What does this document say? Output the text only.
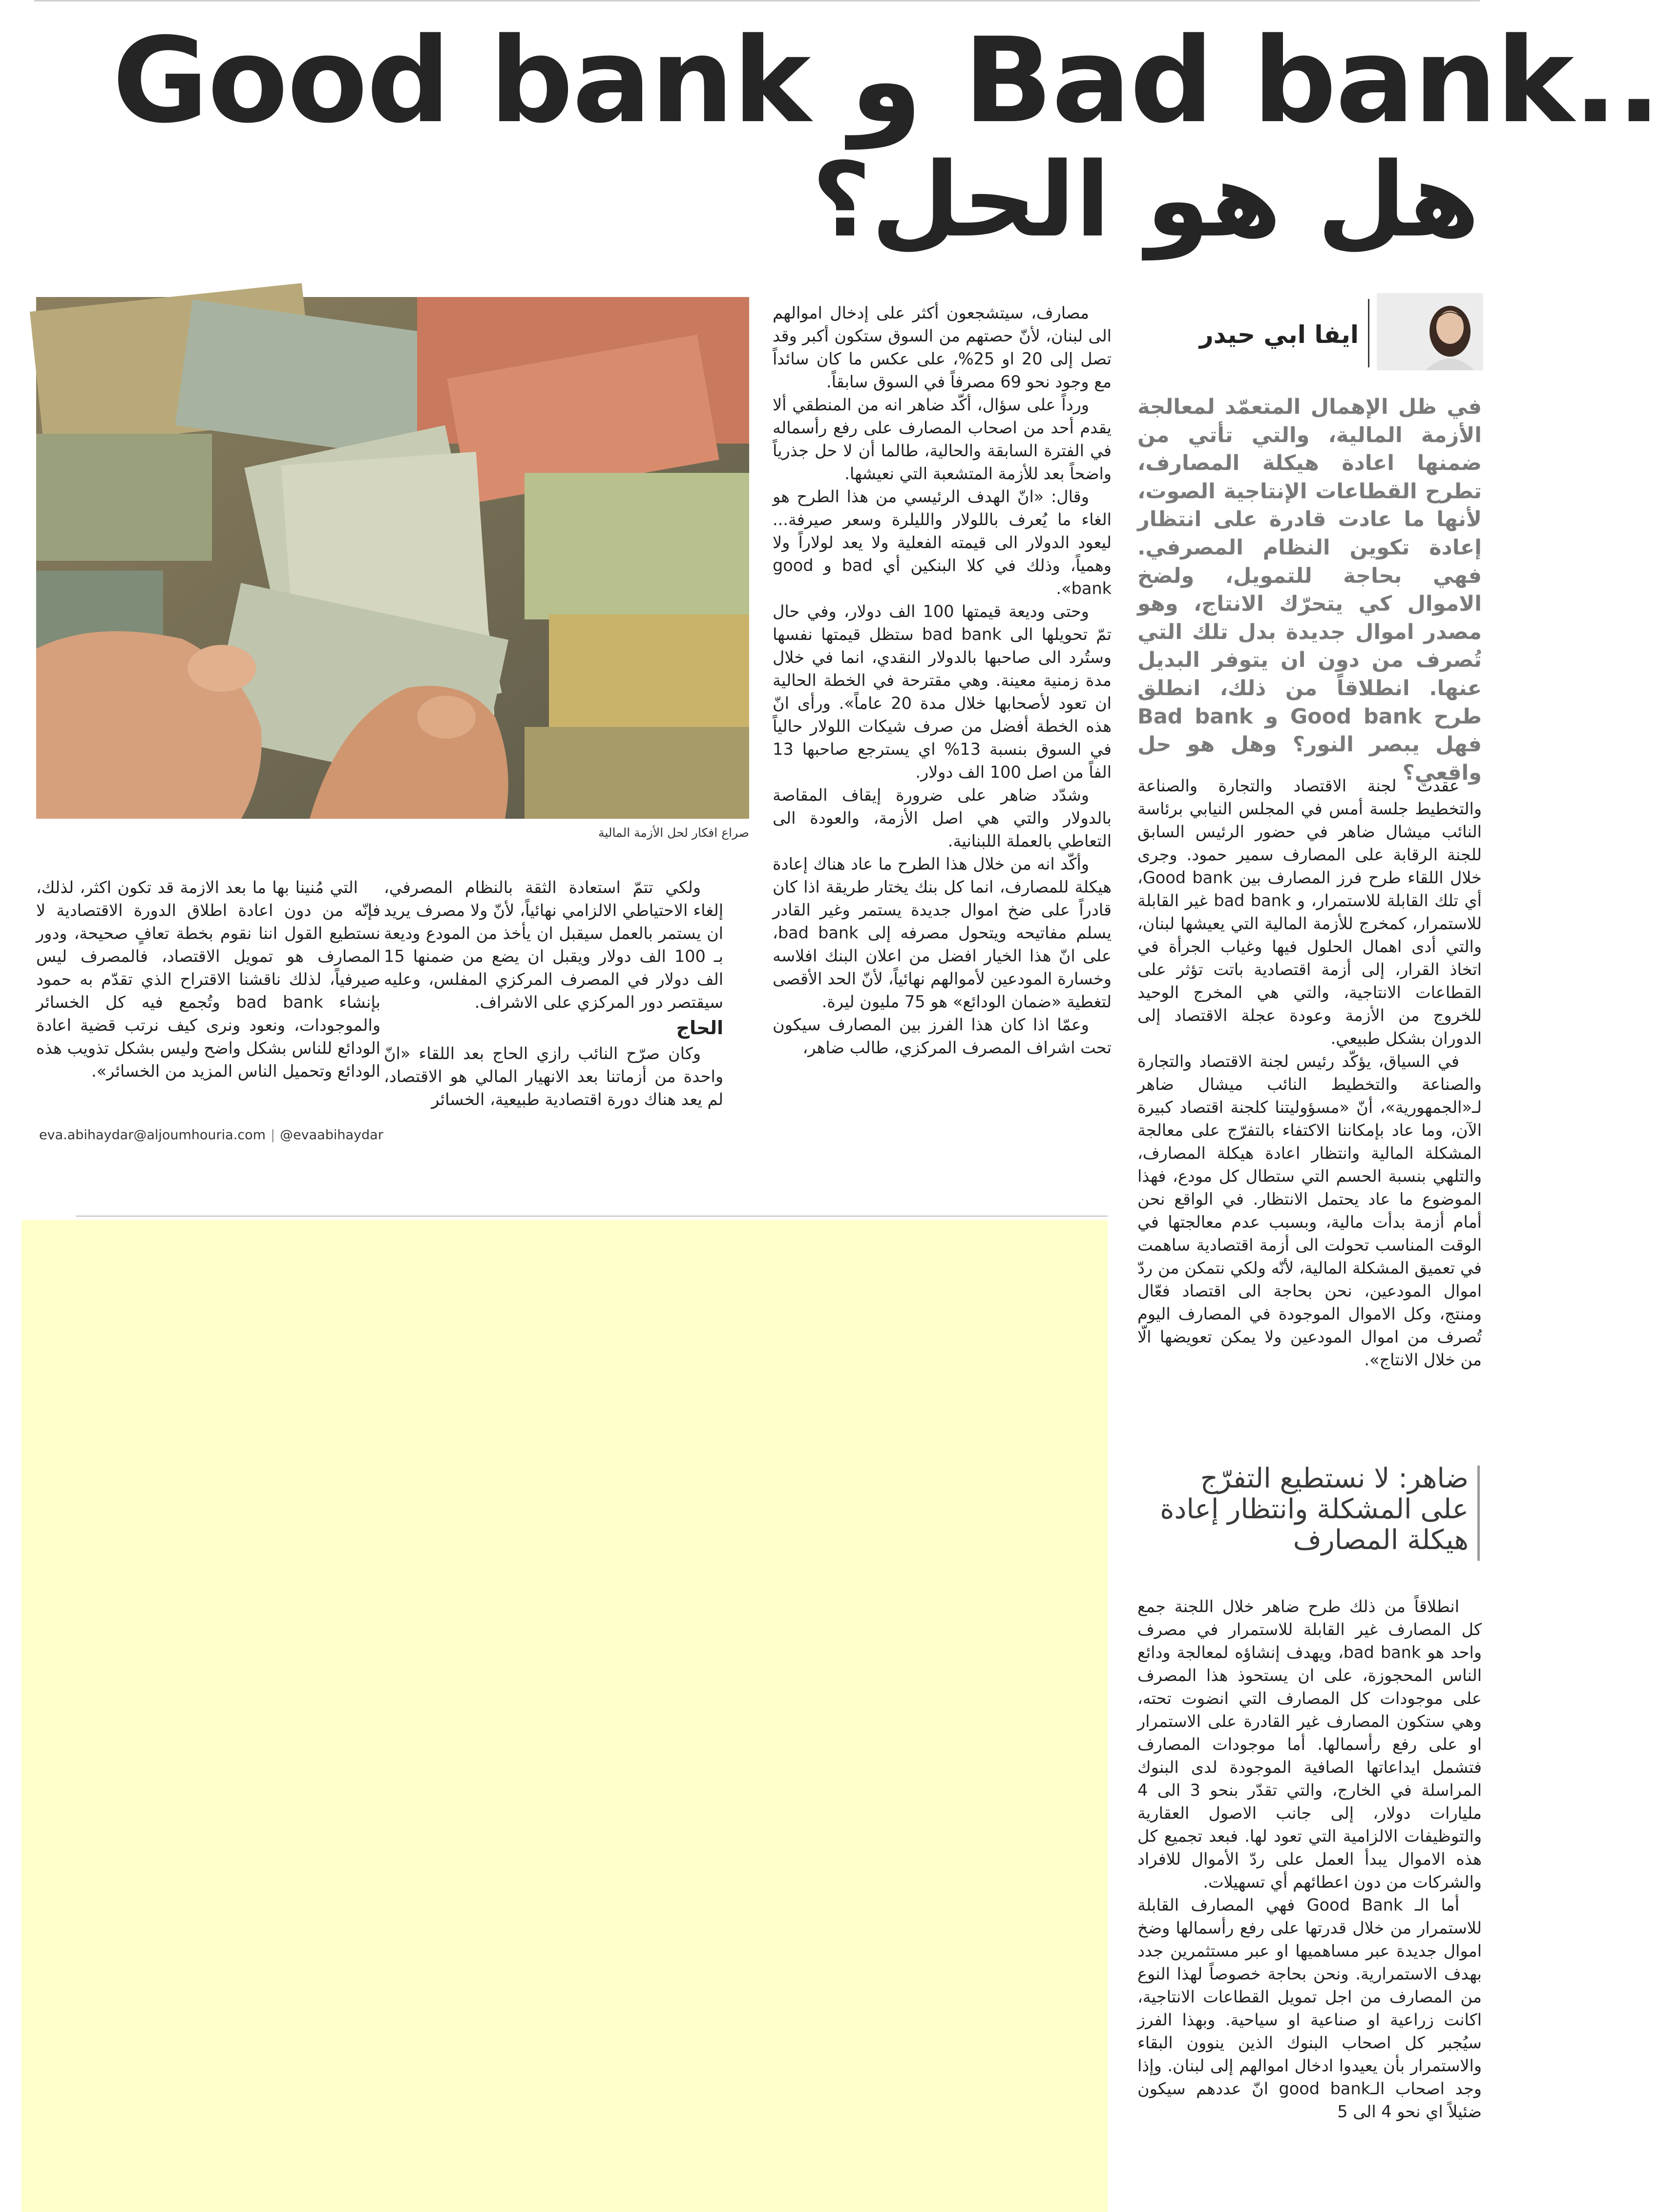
Good bank و Bad bank..
هل هو الحل؟
ايفا ابي حيدر
في ظل الإهمال المتعمّد لمعالجة الأزمة المالية، والتي تأتي من ضمنها اعادة هيكلة المصارف، تطرح القطاعات الإنتاجية الصوت، لأنها ما عادت قادرة على انتظار إعادة تكوين النظام المصرفي. فهي بحاجة للتمويل، ولضخ الاموال كي يتحرّك الانتاج، وهو مصدر اموال جديدة بدل تلك التي تُصرف من دون ان يتوفر البديل عنها. انطلاقاً من ذلك، انطلق طرح Good bank و Bad bank فهل يبصر النور؟ وهل هو حل واقعي؟

عقدت لجنة الاقتصاد والتجارة والصناعة والتخطيط جلسة أمس في المجلس النيابي برئاسة النائب ميشال ضاهر في حضور الرئيس السابق للجنة الرقابة على المصارف سمير حمود. وجرى خلال اللقاء طرح فرز المصارف بين Good bank، أي تلك القابلة للاستمرار، و bad bank غير القابلة للاستمرار، كمخرج للأزمة المالية التي يعيشها لبنان، والتي أدى اهمال الحلول فيها وغياب الجرأة في اتخاذ القرار، إلى أزمة اقتصادية باتت تؤثر على القطاعات الانتاجية، والتي هي المخرج الوحيد للخروج من الأزمة وعودة عجلة الاقتصاد إلى الدوران بشكل طبيعي.

في السياق، يؤكّد رئيس لجنة الاقتصاد والتجارة والصناعة والتخطيط النائب ميشال ضاهر لـ«الجمهورية»، أنّ «مسؤوليتنا كلجنة اقتصاد كبيرة الآن، وما عاد بإمكاننا الاكتفاء بالتفرّج على معالجة المشكلة المالية وانتظار اعادة هيكلة المصارف، والتلهي بنسبة الحسم التي ستطال كل مودع، فهذا الموضوع ما عاد يحتمل الانتظار. في الواقع نحن أمام أزمة بدأت مالية، وبسبب عدم معالجتها في الوقت المناسب تحولت الى أزمة اقتصادية ساهمت في تعميق المشكلة المالية، لأنّه ولكي نتمكن من ردّ اموال المودعين، نحن بحاجة الى اقتصاد فعّال ومنتج، وكل الاموال الموجودة في المصارف اليوم تُصرف من اموال المودعين ولا يمكن تعويضها الّا من خلال الانتاج».

ضاهر: لا نستطيع التفرّج على المشكلة وانتظار إعادة هيكلة المصارف

انطلاقاً من ذلك طرح ضاهر خلال اللجنة جمع كل المصارف غير القابلة للاستمرار في مصرف واحد هو bad bank، ويهدف إنشاؤه لمعالجة ودائع الناس المحجوزة، على ان يستحوذ هذا المصرف على موجودات كل المصارف التي انضوت تحته، وهي ستكون المصارف غير القادرة على الاستمرار او على رفع رأسمالها. أما موجودات المصارف فتشمل ايداعاتها الصافية الموجودة لدى البنوك المراسلة في الخارج، والتي تقدّر بنحو 3 الى 4 مليارات دولار، إلى جانب الاصول العقارية والتوظيفات الالزامية التي تعود لها. فبعد تجميع كل هذه الاموال يبدأ العمل على ردّ الأموال للافراد والشركات من دون اعطائهم أي تسهيلات.

أما الـ Good Bank فهي المصارف القابلة للاستمرار من خلال قدرتها على رفع رأسمالها وضخ اموال جديدة عبر مساهميها او عبر مستثمرين جدد بهدف الاستمرارية. ونحن بحاجة خصوصاً لهذا النوع من المصارف من اجل تمويل القطاعات الانتاجية، اكانت زراعية او صناعية او سياحية. وبهذا الفرز سيُجبر كل اصحاب البنوك الذين ينوون البقاء والاستمرار بأن يعيدوا ادخال اموالهم إلى لبنان. وإذا وجد اصحاب الـgood bank انّ عددهم سيكون ضئيلاً اي نحو 4 الى 5

مصارف، سيتشجعون أكثر على إدخال اموالهم الى لبنان، لأنّ حصتهم من السوق ستكون أكبر وقد تصل إلى 20 او 25%، على عكس ما كان سائداً مع وجود نحو 69 مصرفاً في السوق سابقاً.

ورداً على سؤال، أكّد ضاهر انه من المنطقي ألا يقدم أحد من اصحاب المصارف على رفع رأسماله في الفترة السابقة والحالية، طالما أن لا حل جذرياً واضحاً بعد للأزمة المتشعبة التي نعيشها.

وقال: «انّ الهدف الرئيسي من هذا الطرح هو الغاء ما يُعرف باللولار والليلرة وسعر صيرفة... ليعود الدولار الى قيمته الفعلية ولا يعد لولاراً ولا وهمياً، وذلك في كلا البنكين أي bad و good bank».

وحتى وديعة قيمتها 100 الف دولار، وفي حال تمّ تحويلها الى bad bank ستظل قيمتها نفسها وستُرد الى صاحبها بالدولار النقدي، انما في خلال مدة زمنية معينة. وهي مقترحة في الخطة الحالية ان تعود لأصحابها خلال مدة 20 عاماً». ورأى انّ هذه الخطة أفضل من صرف شيكات اللولار حالياً في السوق بنسبة 13% اي يسترجع صاحبها 13 الفاً من اصل 100 الف دولار.

وشدّد ضاهر على ضرورة إيقاف المقاصة بالدولار والتي هي اصل الأزمة، والعودة الى التعاطي بالعملة اللبنانية.

وأكّد انه من خلال هذا الطرح ما عاد هناك إعادة هيكلة للمصارف، انما كل بنك يختار طريقة اذا كان قادراً على ضخ اموال جديدة يستمر وغير القادر يسلم مفاتيحه ويتحول مصرفه إلى bad bank، على انّ هذا الخيار افضل من اعلان البنك افلاسه وخسارة المودعين لأموالهم نهائياً، لأنّ الحد الأقصى لتغطية «ضمان الودائع» هو 75 مليون ليرة.

وعمّا اذا كان هذا الفرز بين المصارف سيكون تحت اشراف المصرف المركزي، طالب ضاهر،

صراع افكار لحل الأزمة المالية

ولكي تتمّ استعادة الثقة بالنظام المصرفي، إلغاء الاحتياطي الالزامي نهائياً، لأنّ ولا مصرف يريد ان يستمر بالعمل سيقبل ان يأخذ من المودع وديعة بـ 100 الف دولار ويقبل ان يضع من ضمنها 15 الف دولار في المصرف المركزي المفلس، وعليه سيقتصر دور المركزي على الاشراف.

الحاج

وكان صرّح النائب رازي الحاج بعد اللقاء «انّ واحدة من أزماتنا بعد الانهيار المالي هو الاقتصاد، لم يعد هناك دورة اقتصادية طبيعية، الخسائر

التي مُنينا بها ما بعد الازمة قد تكون اكثر، لذلك، فإنّه من دون اعادة اطلاق الدورة الاقتصادية لا نستطيع القول اننا نقوم بخطة تعافٍ صحيحة، ودور المصارف هو تمويل الاقتصاد، فالمصرف ليس صيرفياً، لذلك ناقشنا الاقتراح الذي تقدّم به حمود بإنشاء bad bank وتُجمع فيه كل الخسائر والموجودات، ونعود ونرى كيف نرتب قضية اعادة الودائع للناس بشكل واضح وليس بشكل تذويب هذه الودائع وتحميل الناس المزيد من الخسائر».

eva.abihaydar@aljoumhouria.com | @evaabihaydar
